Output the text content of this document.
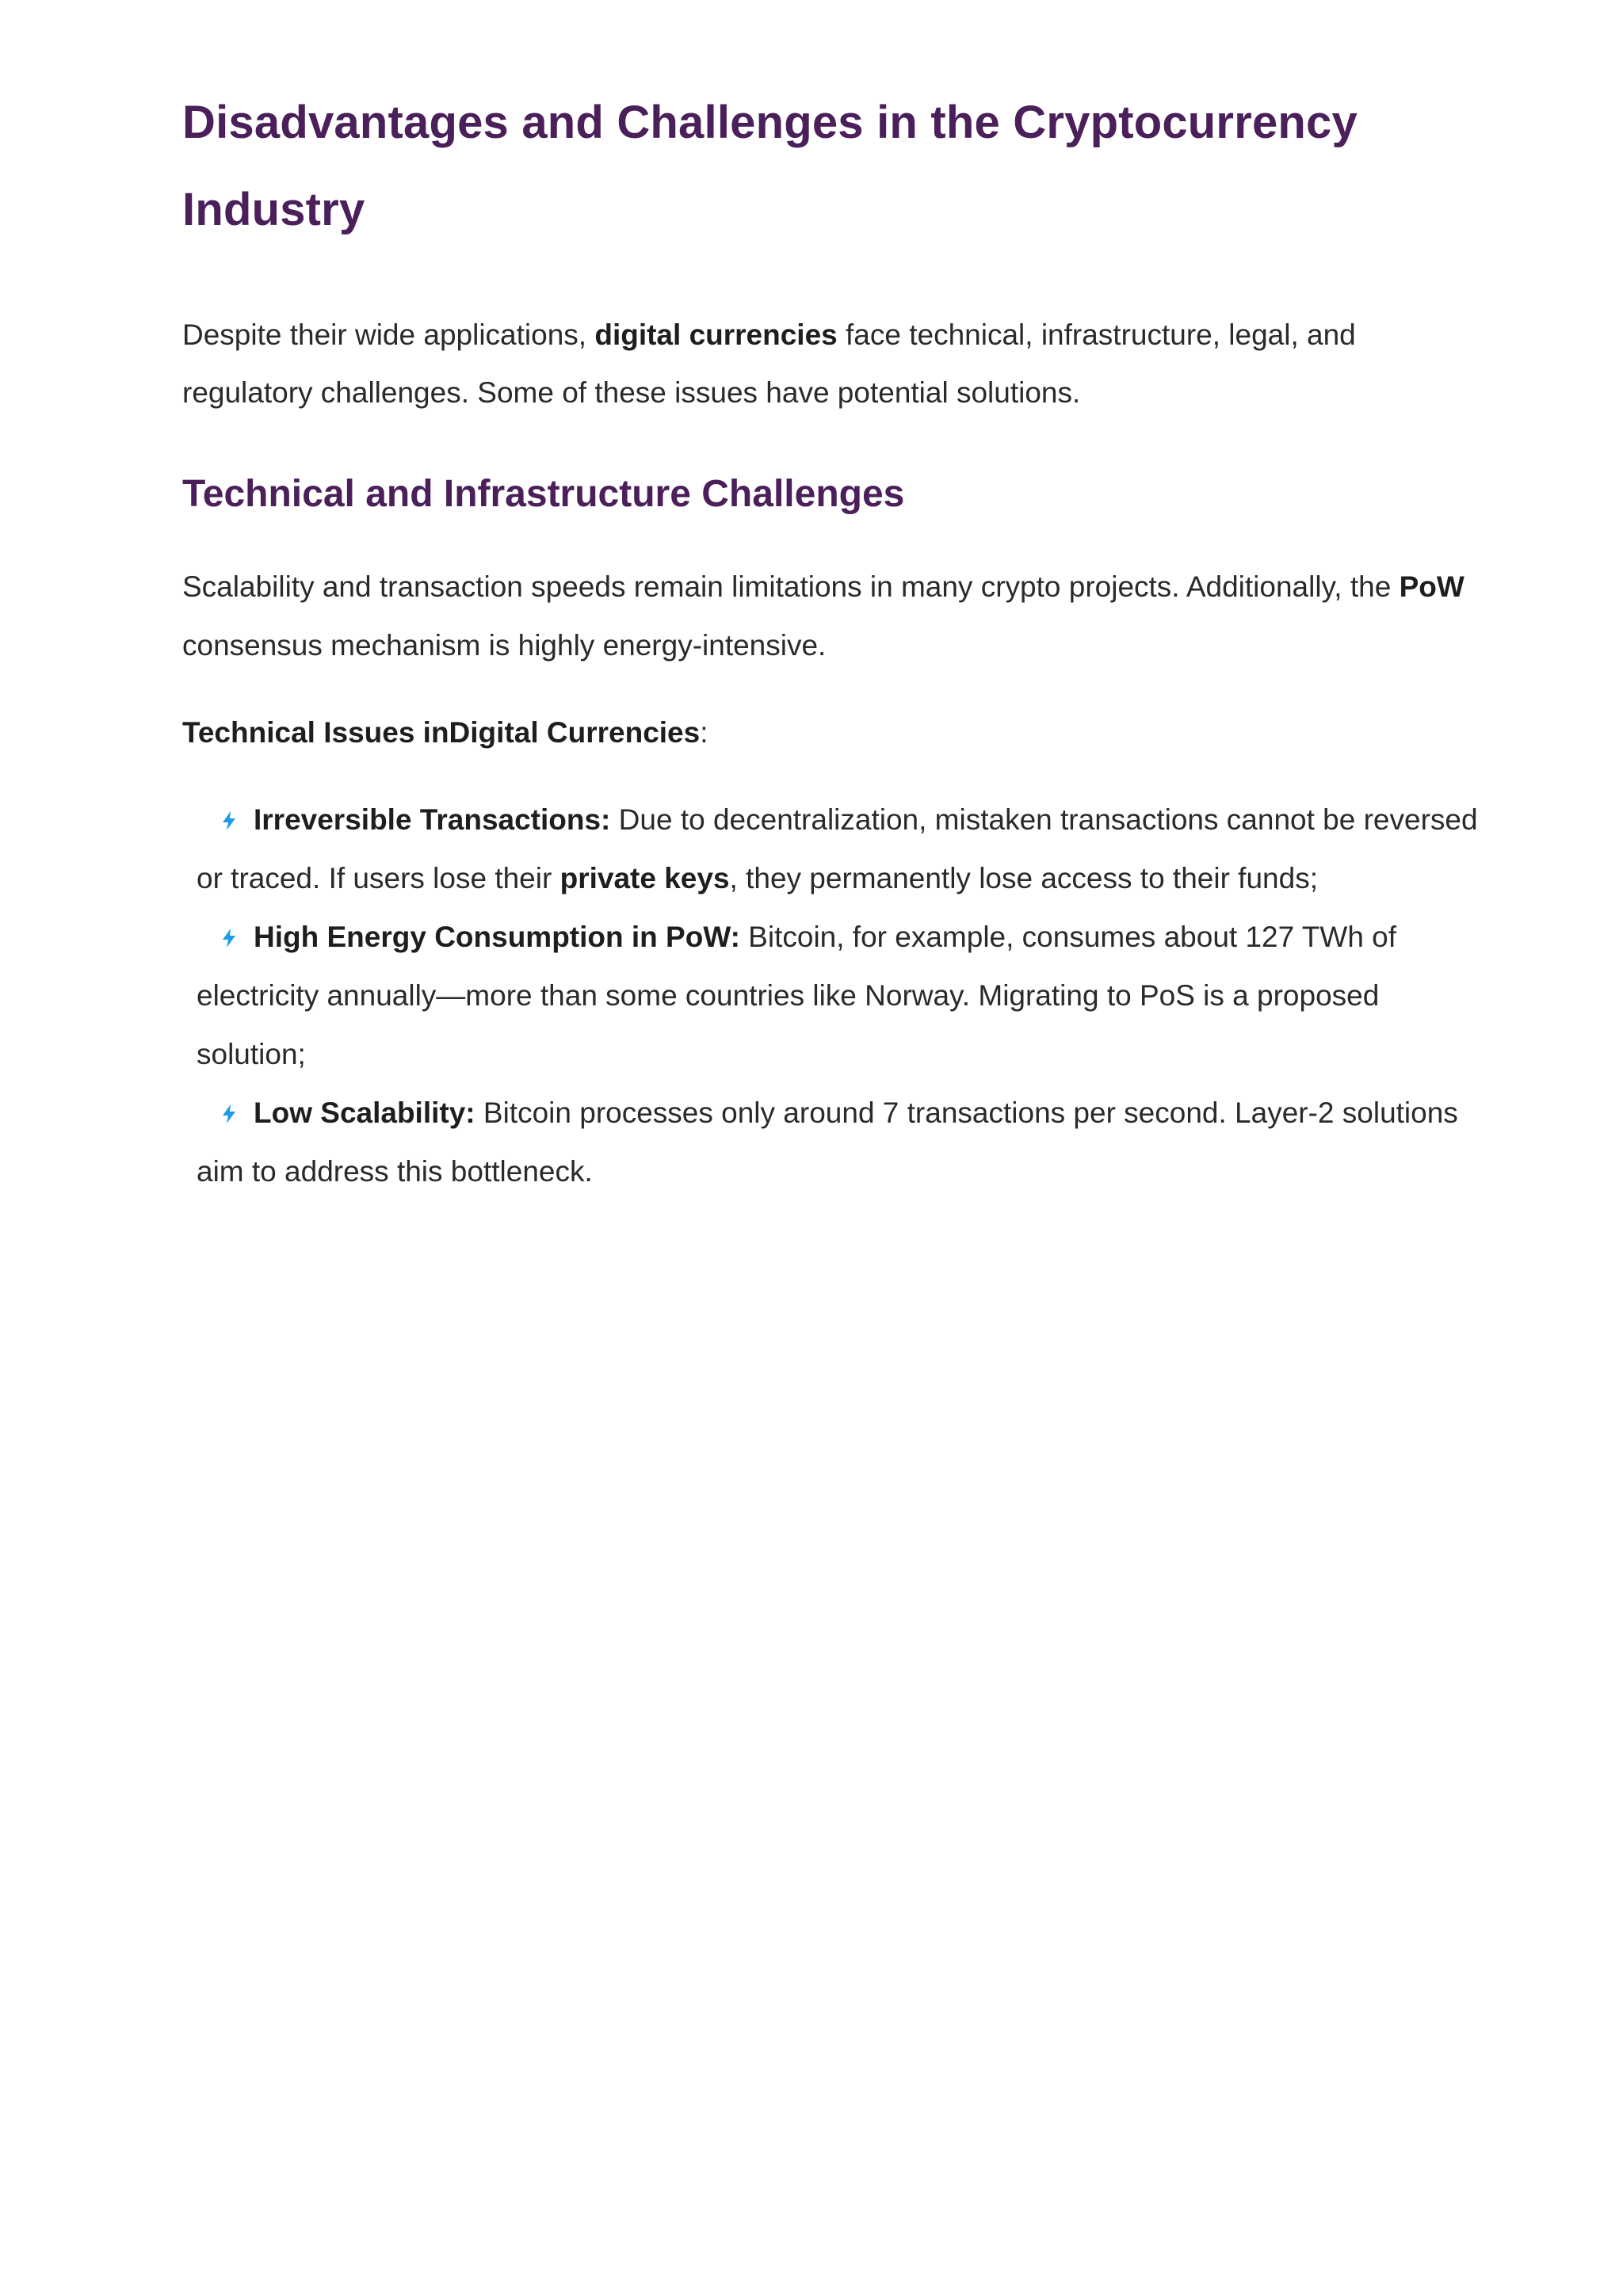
Disadvantages and Challenges in the Cryptocurrency Industry

Despite their wide applications, digital currencies face technical, infrastructure, legal, and regulatory challenges. Some of these issues have potential solutions.

Technical and Infrastructure Challenges

Scalability and transaction speeds remain limitations in many crypto projects. Additionally, the PoW consensus mechanism is highly energy-intensive.

Technical Issues inDigital Currencies:

Irreversible Transactions: Due to decentralization, mistaken transactions cannot be reversed or traced. If users lose their private keys, they permanently lose access to their funds;
High Energy Consumption in PoW: Bitcoin, for example, consumes about 127 TWh of electricity annually—more than some countries like Norway. Migrating to PoS is a proposed solution;
Low Scalability: Bitcoin processes only around 7 transactions per second. Layer-2 solutions aim to address this bottleneck.
